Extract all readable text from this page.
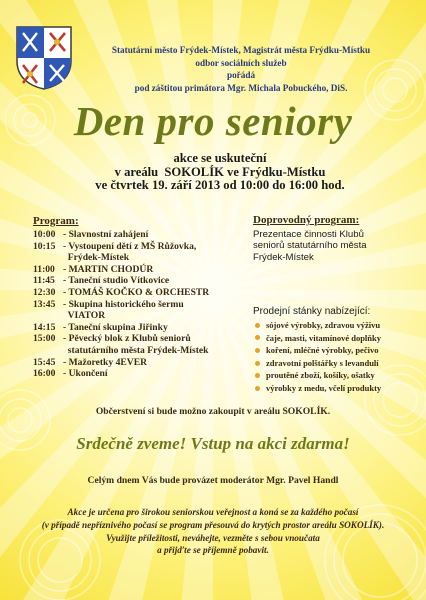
Statutární město Frýdek-Místek, Magistrát města Frýdku-Místku
odbor sociálních služeb
pořádá
pod záštitou primátora Mgr. Michala Pobuckého, DiS.
Den pro seniory
akce se uskuteční
v areálu  SOKOLÍK ve Frýdku-Místku
ve čtvrtek 19. září 2013 od 10:00 do 16:00 hod.
Program:
10:00 - Slavnostní zahájení
10:15 - Vystoupení dětí z MŠ Růžovka,
Frýdek-Místek
11:00 - MARTIN CHODÚR
11:45 - Taneční studio Vítkovice
12:30 - TOMÁŠ KOČKO & ORCHESTR
13:45 - Skupina historického šermu
VIATOR
14:15 - Taneční skupina Jiřinky
15:00 - Pěvecký blok z Klubů seniorů
statutárního města Frýdek-Místek
15:45 - Mažoretky 4EVER
16:00 - Ukončení
Doprovodný program:
Prezentace činnosti Klubů
seniorů statutárního města
Frýdek-Místek
Prodejní stánky nabízející:
sójové výrobky, zdravou výživu
čaje, masti, vitamínové doplňky
koření, mléčné výrobky, pečivo
zdravotní polštářky s levandulí
proutěné zboží, košíky, ošatky
výrobky z medu, včelí produkty
Občerstvení si bude možno zakoupit v areálu SOKOLÍK.
Srdečně zveme! Vstup na akci zdarma!
Celým dnem Vás bude provázet moderátor Mgr. Pavel Handl
Akce je určena pro širokou seniorskou veřejnost a koná se za každého počasí
(v případě nepříznivého počasí se program přesouvá do krytých prostor areálu SOKOLÍK).
Využijte příležitosti, neváhejte, vezměte s sebou vnoučata
a přijďte se příjemně pobavit.
